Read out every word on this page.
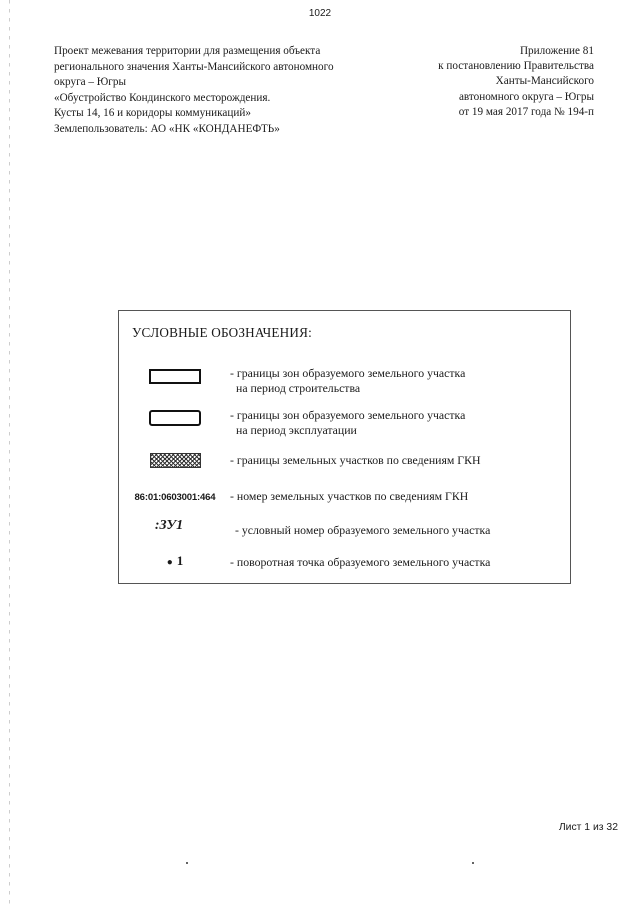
1022
Проект межевания территории для размещения объекта
регионального значения Ханты-Мансийского автономного
округа – Югры
«Обустройство Кондинского месторождения.
Кусты 14, 16 и коридоры коммуникаций»
Землепользователь: АО «НК «КОНДАНЕФТЬ»
Приложение 81
к постановлению Правительства
Ханты-Мансийского
автономного округа – Югры
от 19 мая 2017 года № 194-п
УСЛОВНЫЕ ОБОЗНАЧЕНИЯ:
- границы зон образуемого земельного участка
на период строительства
- границы зон образуемого земельного участка
на период эксплуатации
- границы земельных участков по сведениям ГКН
86:01:0603001:464 - номер земельных участков по сведениям ГКН
:ЗУ1	- условный номер образуемого земельного участка
● 1	- поворотная точка образуемого земельного участка
Лист 1 из 32
